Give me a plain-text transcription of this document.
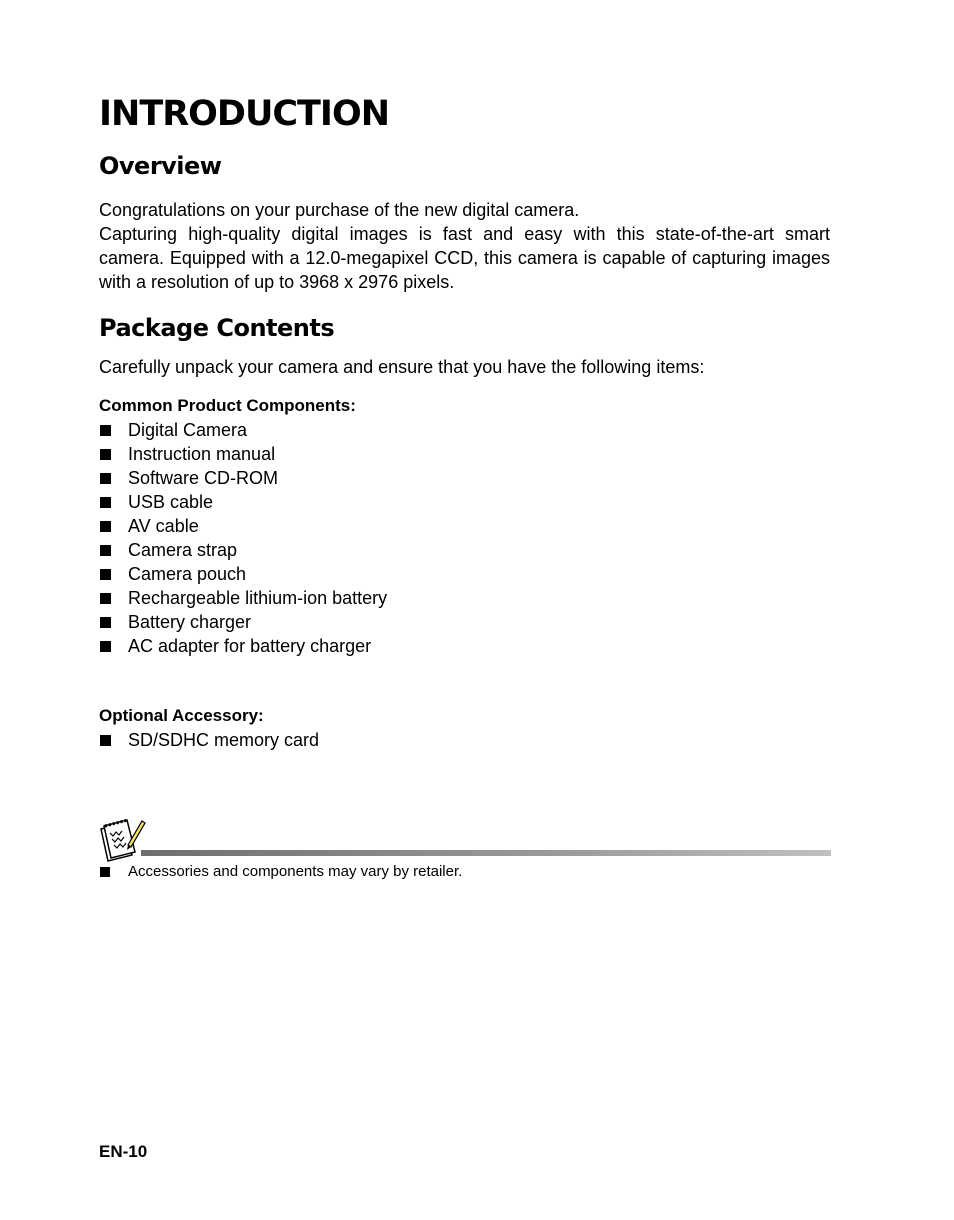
INTRODUCTION
Overview

Congratulations on your purchase of the new digital camera.

Capturing high-quality digital images is fast and easy with this state-of-the-art smart camera. Equipped with a 12.0-megapixel CCD, this camera is capable of capturing images with a resolution of up to 3968 x 2976 pixels.

Package Contents

Carefully unpack your camera and ensure that you have the following items:

Common Product Components:

Digital Camera
Instruction manual
Software CD-ROM
USB cable
AV cable
Camera strap
Camera pouch
Rechargeable lithium-ion battery
Battery charger
AC adapter for battery charger

Optional Accessory:

SD/SDHC memory card
Accessories and components may vary by retailer.

EN-10
